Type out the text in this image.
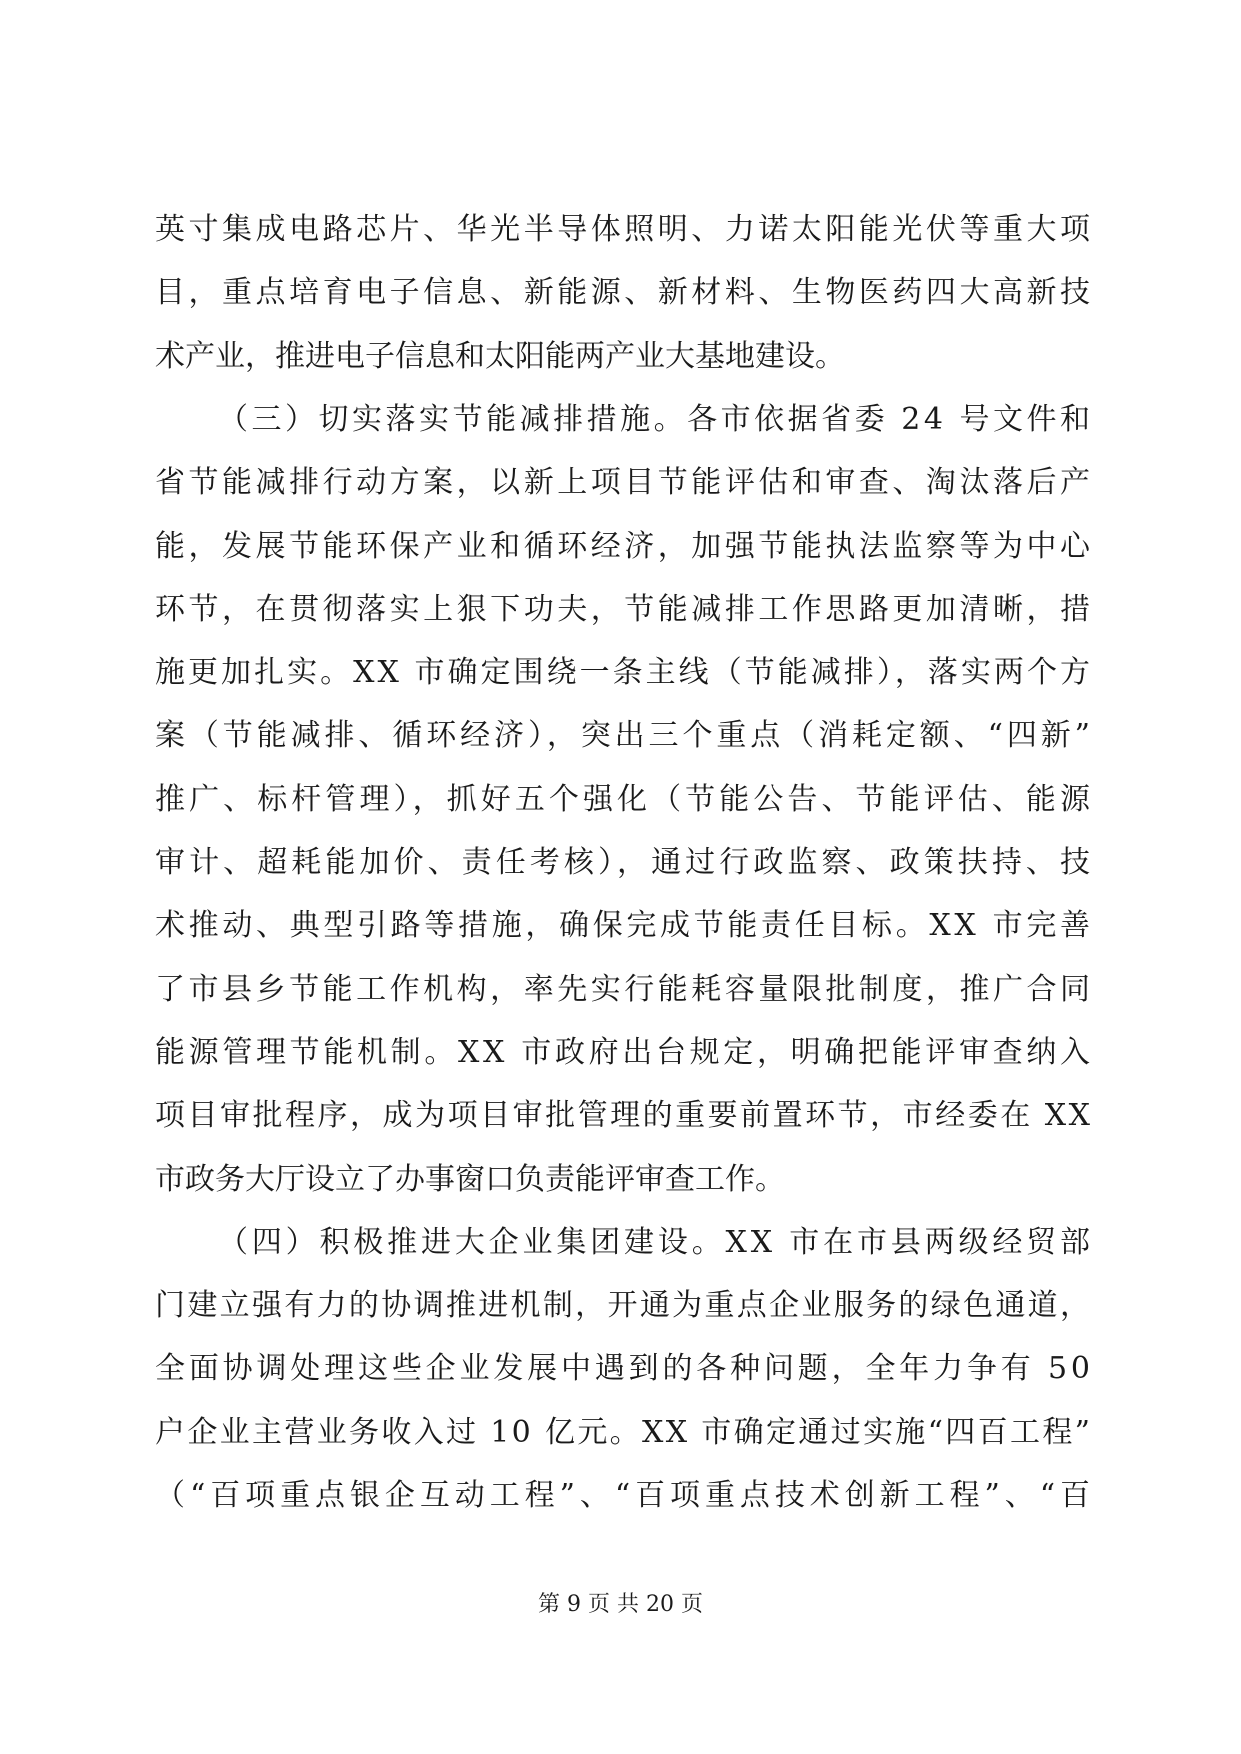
英寸集成电路芯片、华光半导体照明、力诺太阳能光伏等重大项
目，重点培育电子信息、新能源、新材料、生物医药四大高新技
术产业，推进电子信息和太阳能两产业大基地建设。
（三）切实落实节能减排措施。各市依据省委 24 号文件和
省节能减排行动方案，以新上项目节能评估和审查、淘汰落后产
能，发展节能环保产业和循环经济，加强节能执法监察等为中心
环节，在贯彻落实上狠下功夫，节能减排工作思路更加清晰，措
施更加扎实。XX 市确定围绕一条主线（节能减排），落实两个方
案（节能减排、循环经济），突出三个重点（消耗定额、“四新”
推广、标杆管理），抓好五个强化（节能公告、节能评估、能源
审计、超耗能加价、责任考核），通过行政监察、政策扶持、技
术推动、典型引路等措施，确保完成节能责任目标。XX 市完善
了市县乡节能工作机构，率先实行能耗容量限批制度，推广合同
能源管理节能机制。XX 市政府出台规定，明确把能评审查纳入
项目审批程序，成为项目审批管理的重要前置环节，市经委在 XX
市政务大厅设立了办事窗口负责能评审查工作。
（四）积极推进大企业集团建设。XX 市在市县两级经贸部
门建立强有力的协调推进机制，开通为重点企业服务的绿色通道，
全面协调处理这些企业发展中遇到的各种问题，全年力争有 50
户企业主营业务收入过 10 亿元。XX 市确定通过实施“四百工程”
（“百项重点银企互动工程”、“百项重点技术创新工程”、“百
第 9 页 共 20 页
